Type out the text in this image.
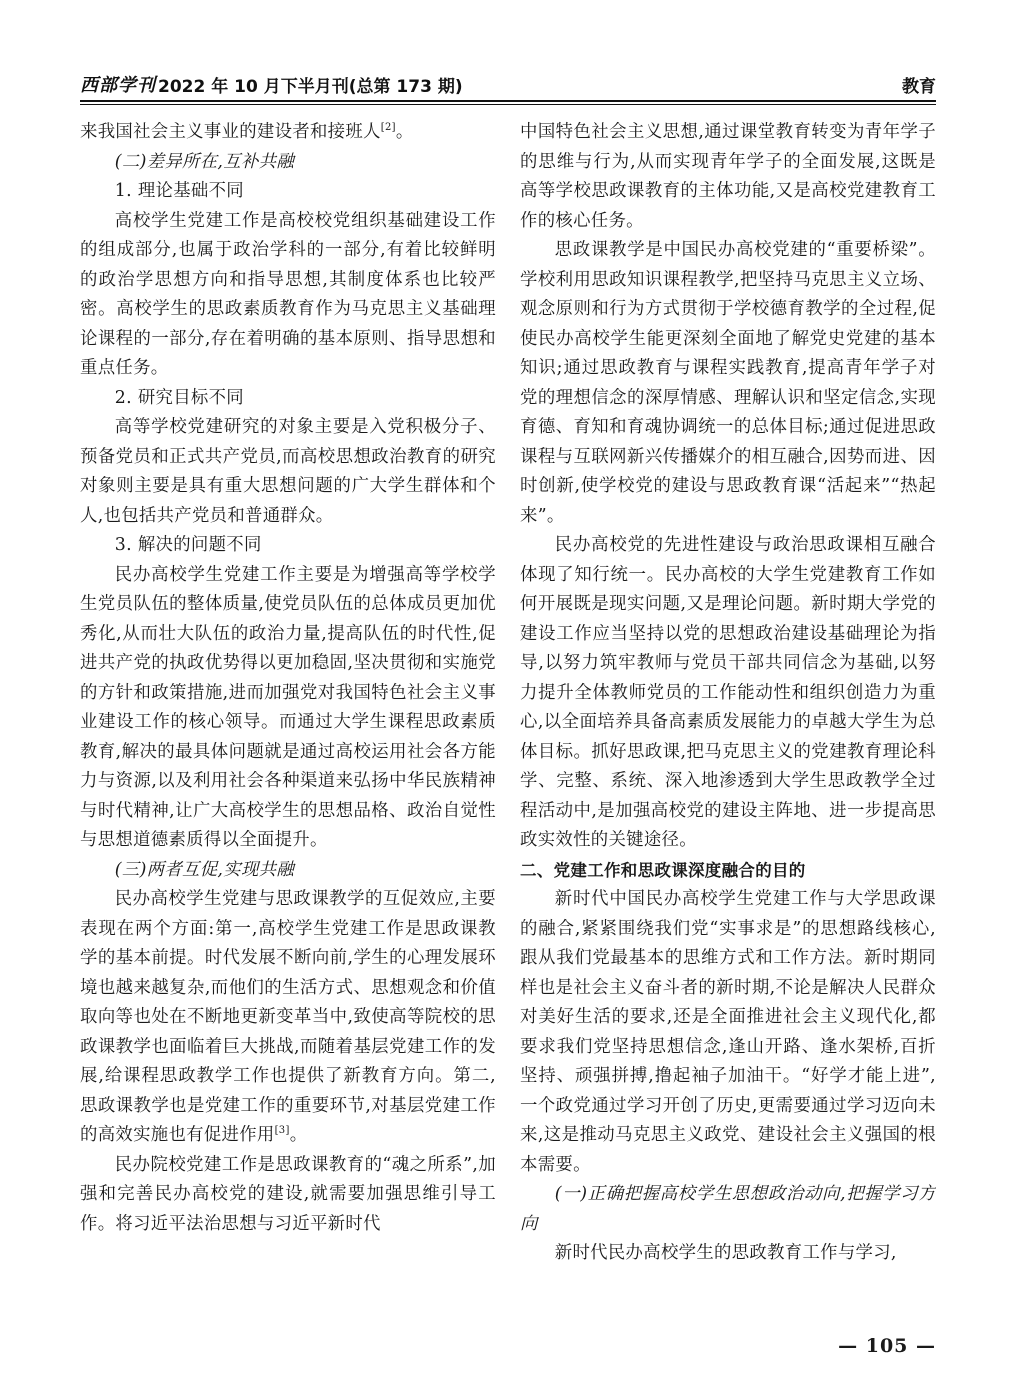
西部学刊 2022 年 10 月下半月刊(总第 173 期)	教育

来我国社会主义事业的建设者和接班人[2]。

(二)差异所在,互补共融

1. 理论基础不同

高校学生党建工作是高校校党组织基础建设工作的组成部分,也属于政治学科的一部分,有着比较鲜明的政治学思想方向和指导思想,其制度体系也比较严密。高校学生的思政素质教育作为马克思主义基础理论课程的一部分,存在着明确的基本原则、指导思想和重点任务。

2. 研究目标不同

高等学校党建研究的对象主要是入党积极分子、预备党员和正式共产党员,而高校思想政治教育的研究对象则主要是具有重大思想问题的广大学生群体和个人,也包括共产党员和普通群众。

3. 解决的问题不同

民办高校学生党建工作主要是为增强高等学校学生党员队伍的整体质量,使党员队伍的总体成员更加优秀化,从而壮大队伍的政治力量,提高队伍的时代性,促进共产党的执政优势得以更加稳固,坚决贯彻和实施党的方针和政策措施,进而加强党对我国特色社会主义事业建设工作的核心领导。而通过大学生课程思政素质教育,解决的最具体问题就是通过高校运用社会各方能力与资源,以及利用社会各种渠道来弘扬中华民族精神与时代精神,让广大高校学生的思想品格、政治自觉性与思想道德素质得以全面提升。

(三)两者互促,实现共融

民办高校学生党建与思政课教学的互促效应,主要表现在两个方面:第一,高校学生党建工作是思政课教学的基本前提。时代发展不断向前,学生的心理发展环境也越来越复杂,而他们的生活方式、思想观念和价值取向等也处在不断地更新变革当中,致使高等院校的思政课教学也面临着巨大挑战,而随着基层党建工作的发展,给课程思政教学工作也提供了新教育方向。第二,思政课教学也是党建工作的重要环节,对基层党建工作的高效实施也有促进作用[3]。

民办院校党建工作是思政课教育的“魂之所系”,加强和完善民办高校党的建设,就需要加强思维引导工作。将习近平法治思想与习近平新时代

中国特色社会主义思想,通过课堂教育转变为青年学子的思维与行为,从而实现青年学子的全面发展,这既是高等学校思政课教育的主体功能,又是高校党建教育工作的核心任务。

思政课教学是中国民办高校党建的“重要桥梁”。学校利用思政知识课程教学,把坚持马克思主义立场、观念原则和行为方式贯彻于学校德育教学的全过程,促使民办高校学生能更深刻全面地了解党史党建的基本知识;通过思政教育与课程实践教育,提高青年学子对党的理想信念的深厚情感、理解认识和坚定信念,实现育德、育知和育魂协调统一的总体目标;通过促进思政课程与互联网新兴传播媒介的相互融合,因势而进、因时创新,使学校党的建设与思政教育课“活起来”“热起来”。

民办高校党的先进性建设与政治思政课相互融合体现了知行统一。民办高校的大学生党建教育工作如何开展既是现实问题,又是理论问题。新时期大学党的建设工作应当坚持以党的思想政治建设基础理论为指导,以努力筑牢教师与党员干部共同信念为基础,以努力提升全体教师党员的工作能动性和组织创造力为重心,以全面培养具备高素质发展能力的卓越大学生为总体目标。抓好思政课,把马克思主义的党建教育理论科学、完整、系统、深入地渗透到大学生思政教学全过程活动中,是加强高校党的建设主阵地、进一步提高思政实效性的关键途径。

二、党建工作和思政课深度融合的目的

新时代中国民办高校学生党建工作与大学思政课的融合,紧紧围绕我们党“实事求是”的思想路线核心,跟从我们党最基本的思维方式和工作方法。新时期同样也是社会主义奋斗者的新时期,不论是解决人民群众对美好生活的要求,还是全面推进社会主义现代化,都要求我们党坚持思想信念,逢山开路、逢水架桥,百折坚持、顽强拼搏,撸起袖子加油干。“好学才能上进”,一个政党通过学习开创了历史,更需要通过学习迈向未来,这是推动马克思主义政党、建设社会主义强国的根本需要。

(一)正确把握高校学生思想政治动向,把握学习方向

新时代民办高校学生的思政教育工作与学习,

— 105 —
